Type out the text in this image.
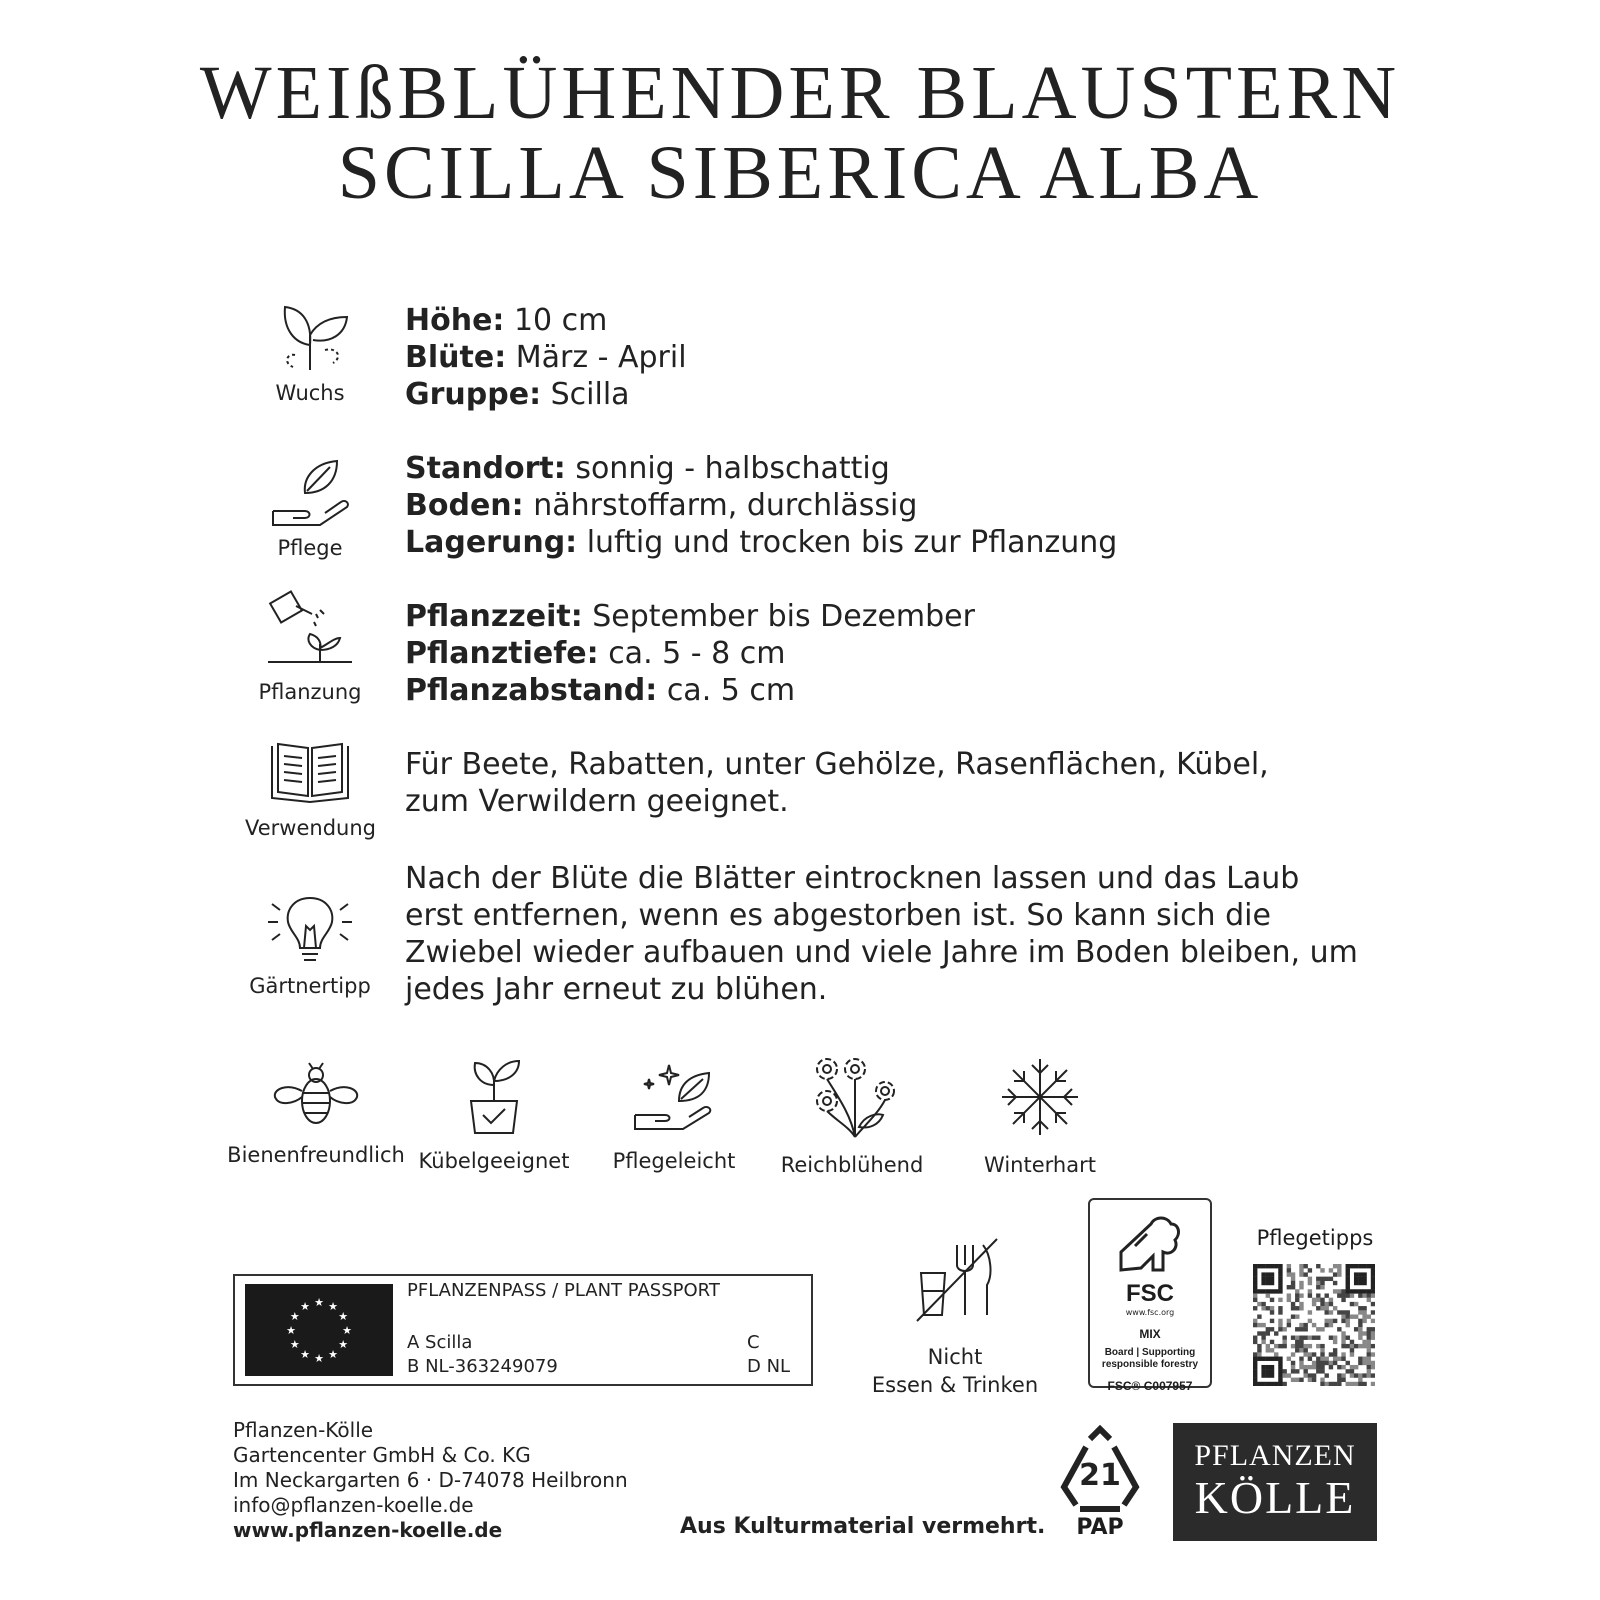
WEIßBLÜHENDER BLAUSTERN
SCILLA SIBERICA ALBA
Wuchs
Höhe: 10 cm
Blüte: März - April
Gruppe: Scilla
Pflege
Standort: sonnig - halbschattig
Boden: nährstoffarm, durchlässig
Lagerung: luftig und trocken bis zur Pflanzung
Pflanzung
Pflanzzeit: September bis Dezember
Pflanztiefe: ca. 5 - 8 cm
Pflanzabstand: ca. 5 cm
Verwendung
Für Beete, Rabatten, unter Gehölze, Rasenflächen, Kübel, zum Verwildern geeignet.
Gärtnertipp
Nach der Blüte die Blätter eintrocknen lassen und das Laub erst entfernen, wenn es abgestorben ist. So kann sich die Zwiebel wieder aufbauen und viele Jahre im Boden bleiben, um jedes Jahr erneut zu blühen.
Bienenfreundlich Kübelgeeignet	Pflegeleicht	Reichblühend	Winterhart
★
★
★
★
★
★
★
★
★ ★ ★
★
PFLANZENPASS / PLANT PASSPORT
A Scilla
B NL-363249079
C
D NL	Nicht
Essen & Trinken
FSC
www.fsc.org
MIX
Board | Supporting
responsible forestry
FSC® C007957
Pflegetipps
Pflanzen-Kölle
Gartencenter GmbH & Co. KG
Im Neckargarten 6 · D-74078 Heilbronn
info@pflanzen-koelle.de
www.pflanzen-koelle.de	Aus Kulturmaterial vermehrt.
21
PAP
PFLANZEN
KÖLLE
